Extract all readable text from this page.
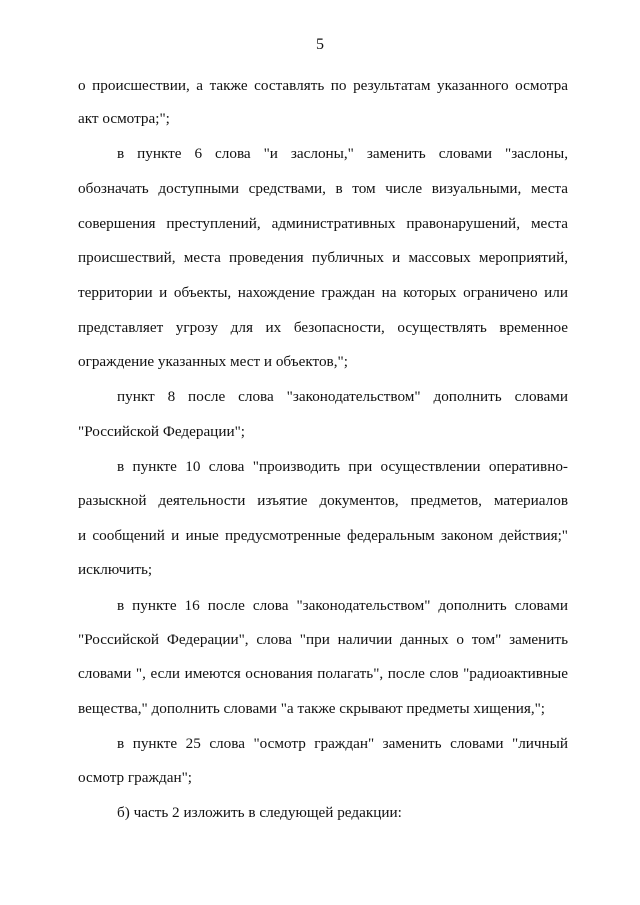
5
о происшествии, а также составлять по результатам указанного осмотра
акт осмотра;";
в пункте 6 слова "и заслоны," заменить словами "заслоны,
обозначать доступными средствами, в том числе визуальными, места
совершения преступлений, административных правонарушений, места
происшествий, места проведения публичных и массовых мероприятий,
территории и объекты, нахождение граждан на которых ограничено или
представляет угрозу для их безопасности, осуществлять временное
ограждение указанных мест и объектов,";
пункт 8 после слова "законодательством" дополнить словами
"Российской Федерации";
в пункте 10 слова "производить при осуществлении оперативно-
разыскной деятельности изъятие документов, предметов, материалов
и сообщений и иные предусмотренные федеральным законом действия;"
исключить;
в пункте 16 после слова "законодательством" дополнить словами
"Российской Федерации", слова "при наличии данных о том" заменить
словами ", если имеются основания полагать", после слов "радиоактивные
вещества," дополнить словами "а также скрывают предметы хищения,";
в пункте 25 слова "осмотр граждан" заменить словами "личный
осмотр граждан";
б) часть 2 изложить в следующей редакции:
